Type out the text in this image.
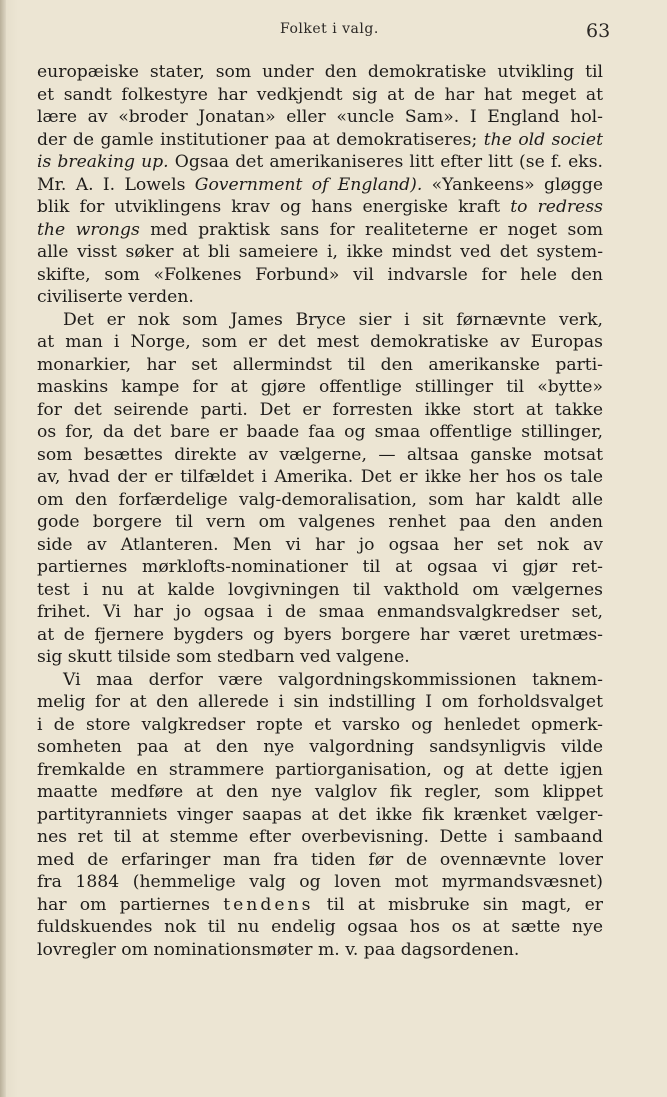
Folket i valg.	63
europæiske stater, som under den demokratiske utvikling til
et sandt folkestyre har vedkjendt sig at de har hat meget at
lære av «broder Jonatan» eller «uncle Sam». I England hol-
der de gamle institutioner paa at demokratiseres; the old societ
is breaking up. Ogsaa det amerikaniseres litt efter litt (se f. eks.
Mr. A. I. Lowels Government of England). «Yankeens» gløgge
blik for utviklingens krav og hans energiske kraft to redress
the wrongs med praktisk sans for realiteterne er noget som
alle visst søker at bli sameiere i, ikke mindst ved det system-
skifte, som «Folkenes Forbund» vil indvarsle for hele den
civiliserte verden.
Det er nok som James Bryce sier i sit førnævnte verk,
at man i Norge, som er det mest demokratiske av Europas
monarkier, har set allermindst til den amerikanske parti-
maskins kampe for at gjøre offentlige stillinger til «bytte»
for det seirende parti. Det er forresten ikke stort at takke
os for, da det bare er baade faa og smaa offentlige stillinger,
som besættes direkte av vælgerne, — altsaa ganske motsat
av, hvad der er tilfældet i Amerika. Det er ikke her hos os tale
om den forfærdelige valg-demoralisation, som har kaldt alle
gode borgere til vern om valgenes renhet paa den anden
side av Atlanteren. Men vi har jo ogsaa her set nok av
partiernes mørklofts-nominationer til at ogsaa vi gjør ret-
test i nu at kalde lovgivningen til vakthold om vælgernes
frihet. Vi har jo ogsaa i de smaa enmandsvalgkredser set,
at de fjernere bygders og byers borgere har været uretmæs-
sig skutt tilside som stedbarn ved valgene.
Vi maa derfor være valgordningskommissionen taknem-
melig for at den allerede i sin indstilling I om forholdsvalget
i de store valgkredser ropte et varsko og henledet opmerk-
somheten paa at den nye valgordning sandsynligvis vilde
fremkalde en strammere partiorganisation, og at dette igjen
maatte medføre at den nye valglov fik regler, som klippet
partityranniets vinger saapas at det ikke fik krænket vælger-
nes ret til at stemme efter overbevisning. Dette i sambaand
med de erfaringer man fra tiden før de ovennævnte lover
fra 1884 (hemmelige valg og loven mot myrmandsvæsnet)
har om partiernes tendens til at misbruke sin magt, er
fuldskuendes nok til nu endelig ogsaa hos os at sætte nye
lovregler om nominationsmøter m. v. paa dagsordenen.
